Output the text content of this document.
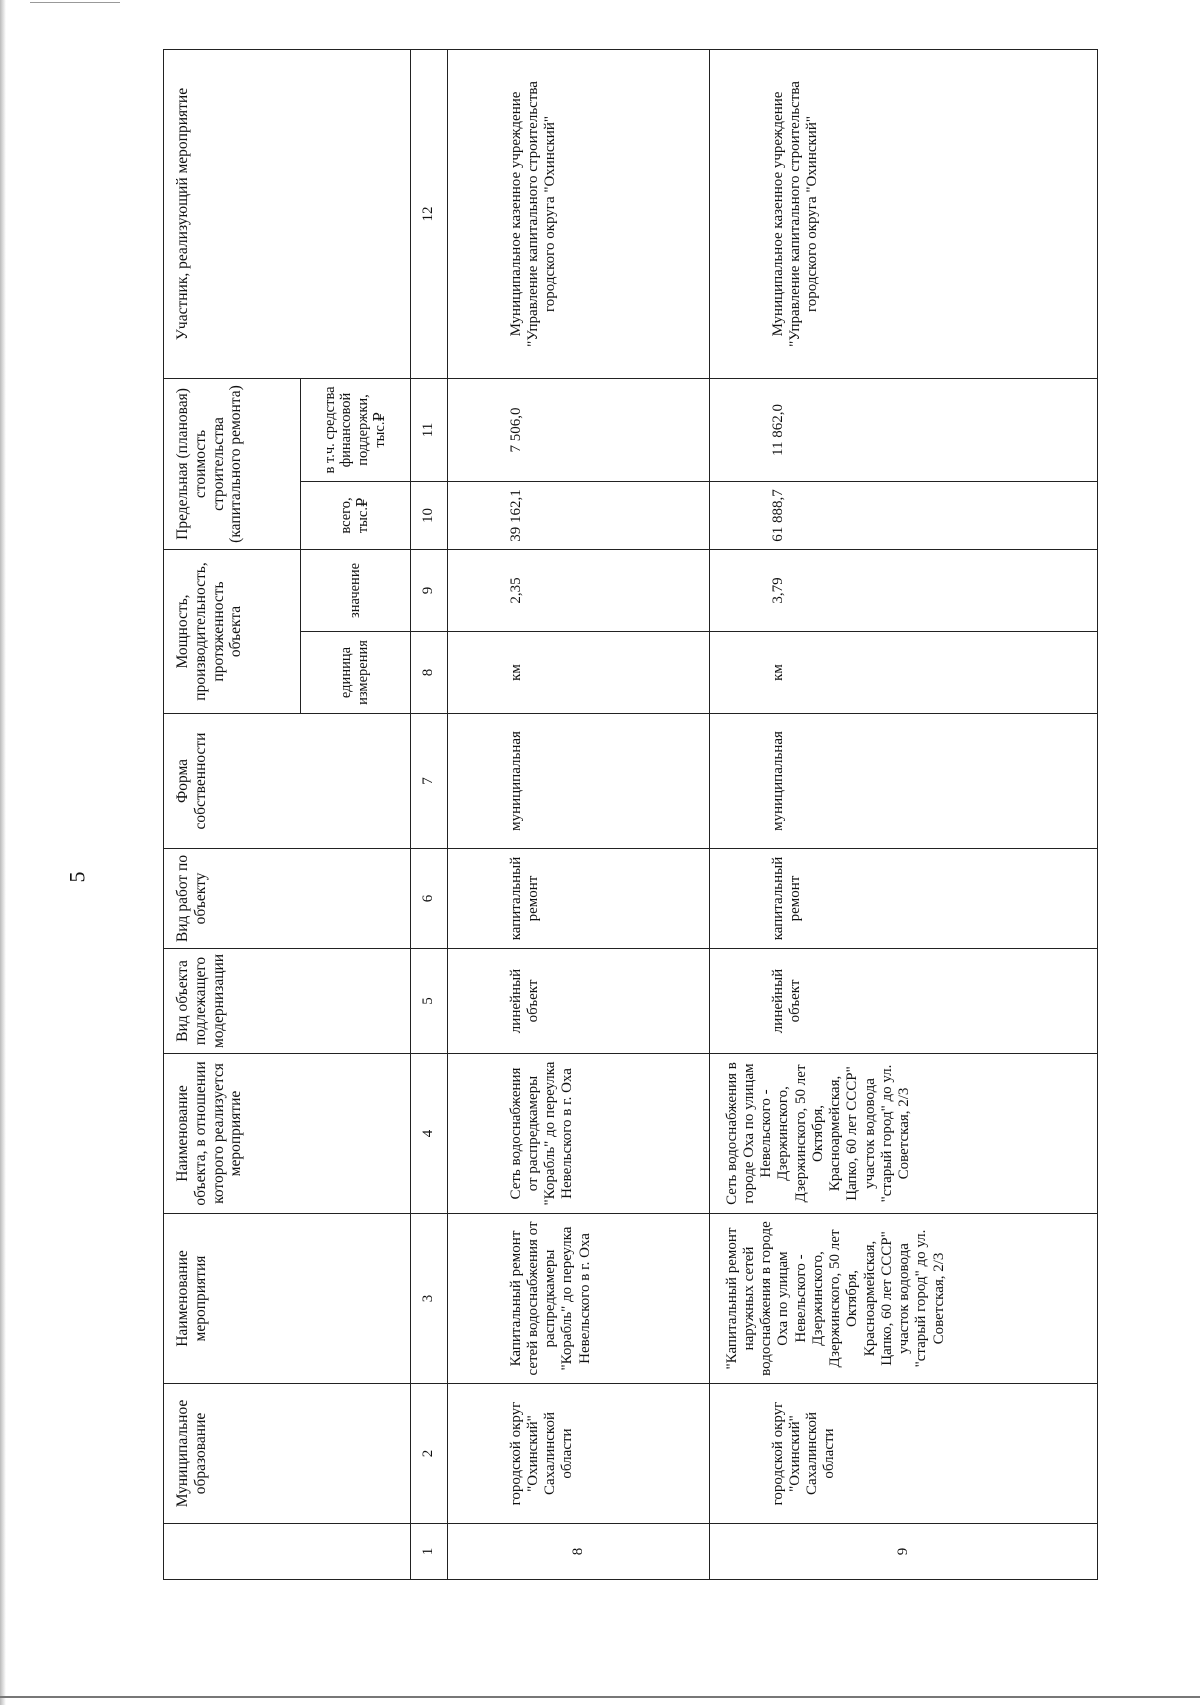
5
	Муниципальное образование	Наименование мероприятия	Наименование объекта, в отношении которого реализуется мероприятие	Вид объекта подлежащего модернизации	Вид работ по объекту	Форма собственности	Мощность, производительность, протяженность объекта		Предельная (плановая) стоимость строительства (капитального ремонта)		Участник, реализующий мероприятие
							единица измерения	значение	всего, тыс.₽	в т.ч. средства финансовой поддержки, тыс.₽	
1	2	3	4	5	6	7	8	9	10	11	12
8	городской округ "Охинский" Сахалинской области	Капитальный ремонт сетей водоснабжения от распредкамеры "Корабль" до переулка Невельского в г. Оха	Сеть водоснабжения от распредкамеры "Корабль" до переулка Невельского в г. Оха	линейный объект	капитальный ремонт	муниципальная	км	2,35	39 162,1	7 506,0	Муниципальное казенное учреждение "Управление капитального строительства городского округа "Охинский"
9	городской округ "Охинский" Сахалинской области	"Капитальный ремонт наружных сетей водоснабжения в городе Оха по улицам Невельского - Дзержинского, Дзержинского, 50 лет Октября, Красноармейская, Цапко, 60 лет СССР" участок водовода "старый город" до ул. Советская, 2/3	Сеть водоснабжения в городе Оха по улицам Невельского - Дзержинского, Дзержинского, 50 лет Октября, Красноармейская, Цапко, 60 лет СССР" участок водовода "старый город" до ул. Советская, 2/3	линейный объект	капитальный ремонт	муниципальная	км	3,79	61 888,7	11 862,0	Муниципальное казенное учреждение "Управление капитального строительства городского округа "Охинский"
